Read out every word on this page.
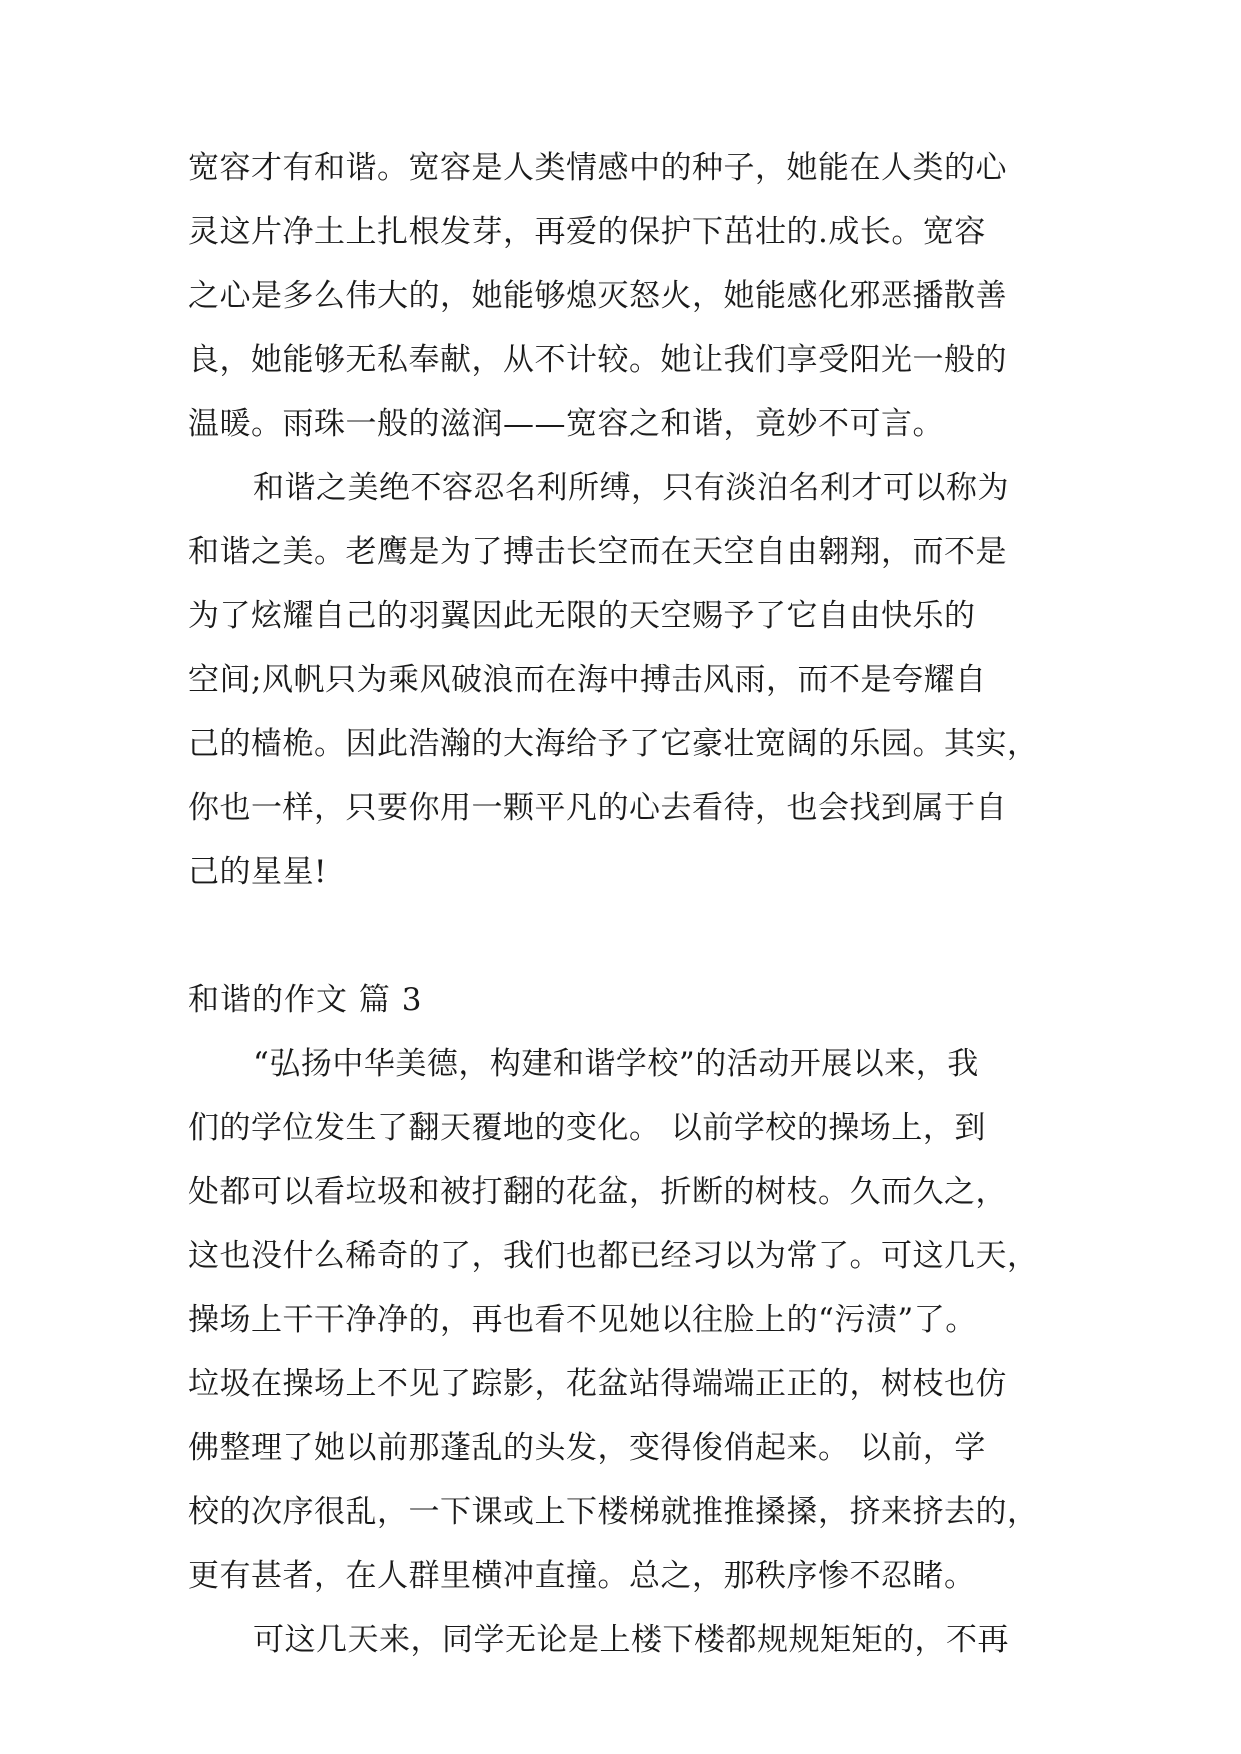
宽容才有和谐。宽容是人类情感中的种子，她能在人类的心
灵这片净土上扎根发芽，再爱的保护下茁壮的.成长。宽容
之心是多么伟大的，她能够熄灭怒火，她能感化邪恶播散善
良，她能够无私奉献，从不计较。她让我们享受阳光一般的
温暖。雨珠一般的滋润——宽容之和谐，竟妙不可言。
和谐之美绝不容忍名利所缚，只有淡泊名利才可以称为
和谐之美。老鹰是为了搏击长空而在天空自由翱翔，而不是
为了炫耀自己的羽翼因此无限的天空赐予了它自由快乐的
空间;风帆只为乘风破浪而在海中搏击风雨，而不是夸耀自
己的樯桅。因此浩瀚的大海给予了它豪壮宽阔的乐园。其实，
你也一样，只要你用一颗平凡的心去看待，也会找到属于自
己的星星!
和谐的作文 篇 3
“弘扬中华美德，构建和谐学校”的活动开展以来，我
们的学位发生了翻天覆地的变化。 以前学校的操场上，到
处都可以看垃圾和被打翻的花盆，折断的树枝。久而久之，
这也没什么稀奇的了，我们也都已经习以为常了。可这几天，
操场上干干净净的，再也看不见她以往脸上的“污渍”了。
垃圾在操场上不见了踪影，花盆站得端端正正的，树枝也仿
佛整理了她以前那蓬乱的头发，变得俊俏起来。 以前，学
校的次序很乱，一下课或上下楼梯就推推搡搡，挤来挤去的，
更有甚者，在人群里横冲直撞。总之，那秩序惨不忍睹。
可这几天来，同学无论是上楼下楼都规规矩矩的，不再
